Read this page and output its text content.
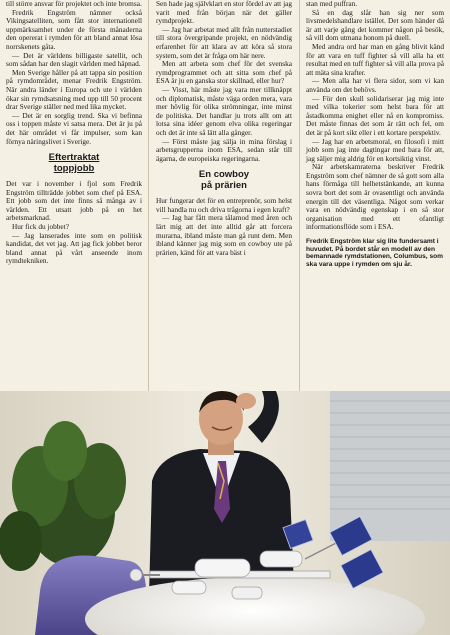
till större ansvar för projektet och inte bromsa.

Fredrik Engström nämner också Vikingsatelliten, som fått stor internationell uppmärksamhet under de första månaderna den opererat i rymden för att bland annat lösa norrskenets gåta.

— Det är världens billigaste satellit, och som sådan har den slagit världen med häpnad.

Men Sverige håller på att tappa sin position på rymdområdet, menar Fredrik Engström. När andra länder i Europa och ute i världen ökar sin rymdsatsning med upp till 50 procent drar Sverige ställer ned med lika mycket.

— Det är en sorglig trend. Ska vi befinna oss i toppen måste vi satsa mera. Det är ju på det här området vi får impulser, som kan förnya näringslivet i Sverige.

Eftertraktat
toppjobb

Det var i november i fjol som Fredrik Engström tillträdde jobbet som chef på ESA. Ett jobb som det inte finns så många av i världen. Ett utsatt jobb på en het arbetsmarknad.

Hur fick du jobbet?

— Jag lanserades inte som en politisk kandidat, det vet jag. Att jag fick jobbet beror bland annat på vårt anseende inom rymdtekniken.

Sen hade jag självklart en stor fördel av att jag varit med från början när det gäller rymdprojekt.

— Jag har arbetat med allt från nutterstadiet till stora övergripande projekt, en nödvändig erfarenhet för att klara av att köra så stora system, som det är fråga om här nere.

Men att arbeta som chef för det svenska rymdprogrammet och att sitta som chef på ESA är ju en ganska stor skillnad, eller hur?

— Visst, här måste jag vara mer tillknäppt och diplomatisk, måste väga orden mera, vara mer hövlig för olika strömningar, inte minst de politiska. Det handlar ju trots allt om att lotsa sina idéer genom elva olika regeringar och det är inte så lätt alla gånger.

— Först måste jag sälja in mina förslag i arbetsgrupperna inom ESA, sedan står till ägarna, de europeiska regeringarna.

En cowboy
på prärien

Hur fungerar det för en entreprenör, som helst vill handla nu och driva trågorna i egen kraft?

— Jag har fått mera tålamod med åren och lärt mig att det inte alltid går att forcera murarna, ibland måste man gå runt dem. Men ibland känner jag mig som en cowboy ute på prärien, känd för att vara bäst i

stan med puffran.

Så en dag slår han sig ner som livsmedelshandlare istället. Det som händer då är att varje gång det kommer någon på besök, så vill dom utmana honom på duell.

Med andra ord har man en gång blivit känd för att vara en tuff fighter så vill alla ha ett resultat med en tuff fighter så vill alla prova på att mäta sina krafter.

— Men alla har vi flera sidor, som vi kan använda om det behövs.

— För den skull solidariserar jag mig inte med vilka tokerier som helst bara för att åstadkomma enighet eller nå en kompromiss. Det måste finnas det som är rätt och fel, om det är på kort sikt eller i ett kortare perspektiv.

— Jag har en arbetsmoral, en filosofi i mitt jobb som jag inte dagtingar med bara för att, jag säljer mig aldrig för en kortsiktig vinst.

När arbetskamraterna beskriver Fredrik Engström som chef nämner de så gott som alla hans förmåga till helhetstänkande, att kunna sovra bort det som är ovasentligt och använda energin till det väsentliga. Något som verkar vara en nödvändig egenskap i en så stor organisation med ett ofantligt informationsflöde som i ESA.

Fredrik Engström klar sig lite fundersamt i huvudet. På bordet står en modell av den bemannade rymdstationen, Columbus, som ska vara uppe i rymden om sju år.
